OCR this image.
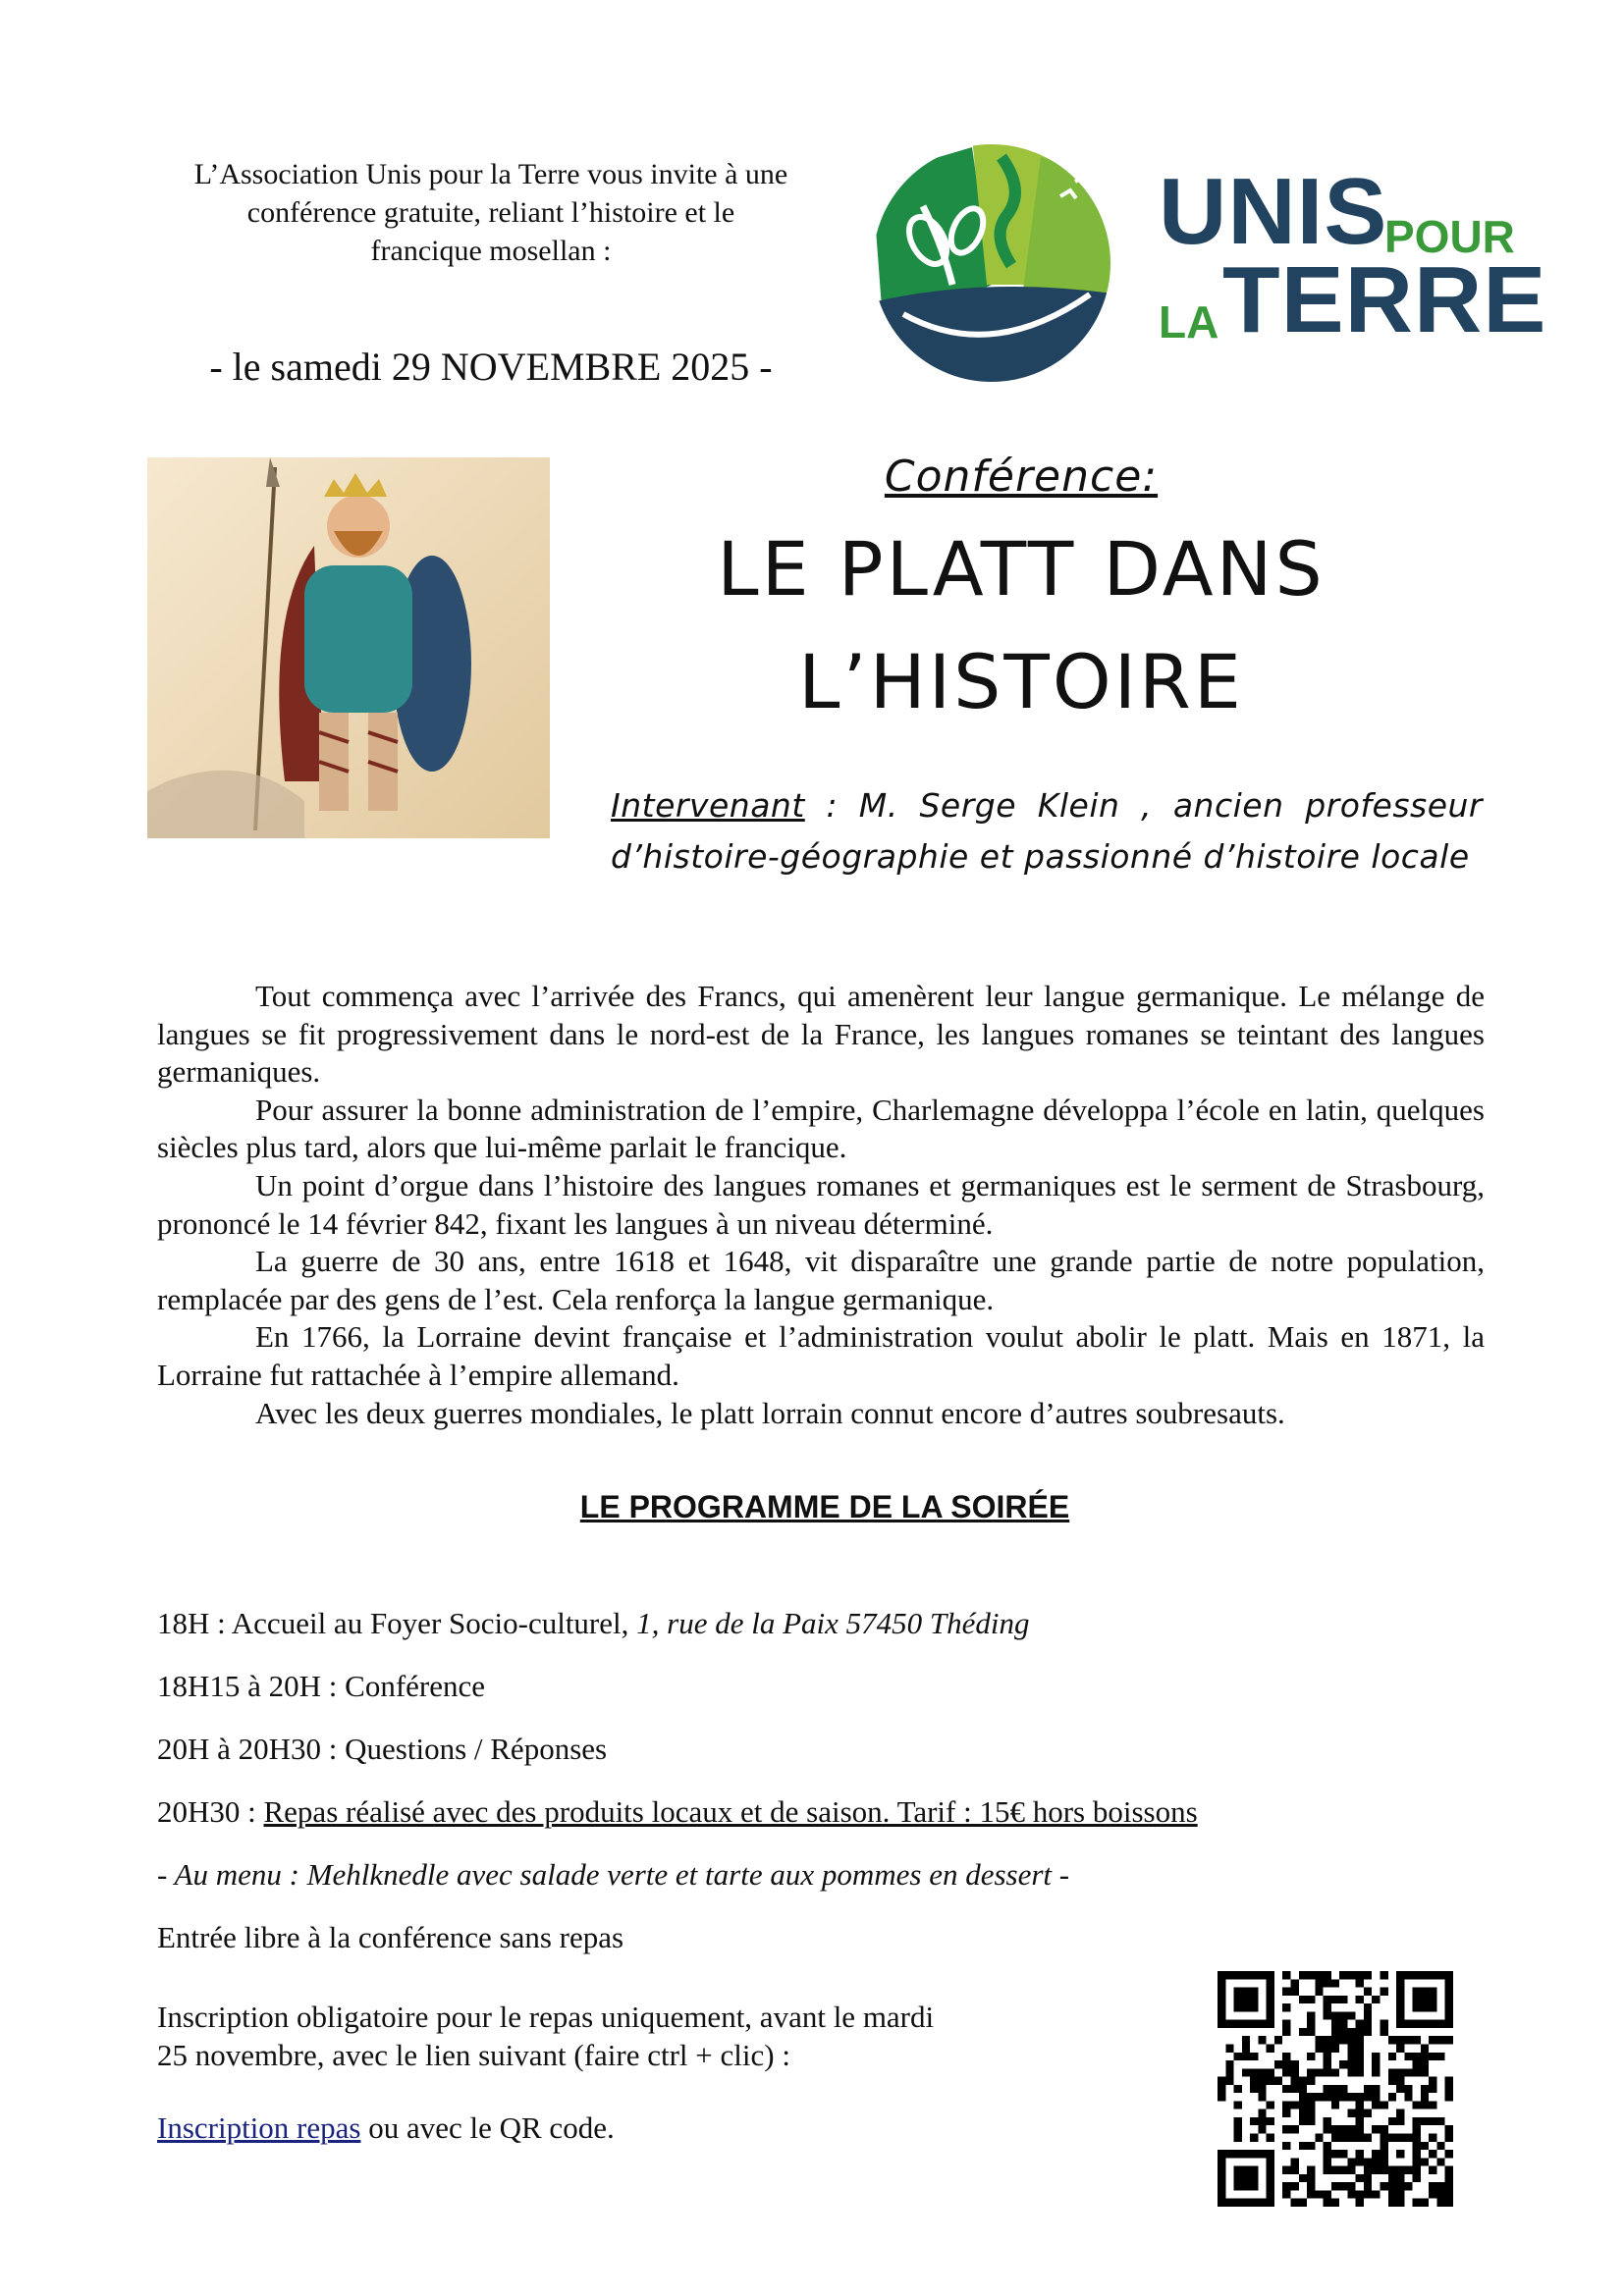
L’Association Unis pour la Terre vous invite à une
conférence gratuite, reliant l’histoire et le
francique mosellan :
- le samedi 29 NOVEMBRE 2025 -
UNIS
POUR
LA TERRE
Conférence:
LE PLATT DANS
L’HISTOIRE
Intervenant : M. Serge Klein , ancien professeur d’histoire-géographie et passionné d’histoire locale

Tout commença avec l’arrivée des Francs, qui amenèrent leur langue germanique. Le mélange de langues se fit progressivement dans le nord-est de la France, les langues romanes se teintant des langues germaniques.

Pour assurer la bonne administration de l’empire, Charlemagne développa l’école en latin, quelques siècles plus tard, alors que lui-même parlait le francique.

Un point d’orgue dans l’histoire des langues romanes et germaniques est le serment de Strasbourg, prononcé le 14 février 842, fixant les langues à un niveau déterminé.

La guerre de 30 ans, entre 1618 et 1648, vit disparaître une grande partie de notre population, remplacée par des gens de l’est. Cela renforça la langue germanique.

En 1766, la Lorraine devint française et l’administration voulut abolir le platt. Mais en 1871, la Lorraine fut rattachée à l’empire allemand.

Avec les deux guerres mondiales, le platt lorrain connut encore d’autres soubresauts.

LE PROGRAMME DE LA SOIRÉE
18H : Accueil au Foyer Socio-culturel, 1, rue de la Paix 57450 Théding
18H15 à 20H : Conférence
20H à 20H30 : Questions / Réponses
20H30 : Repas réalisé avec des produits locaux et de saison. Tarif : 15€ hors boissons
- Au menu : Mehlknedle avec salade verte et tarte aux pommes en dessert -
Entrée libre à la conférence sans repas
Inscription obligatoire pour le repas uniquement, avant le mardi
25 novembre, avec le lien suivant (faire ctrl + clic) :
Inscription repas ou avec le QR code.
